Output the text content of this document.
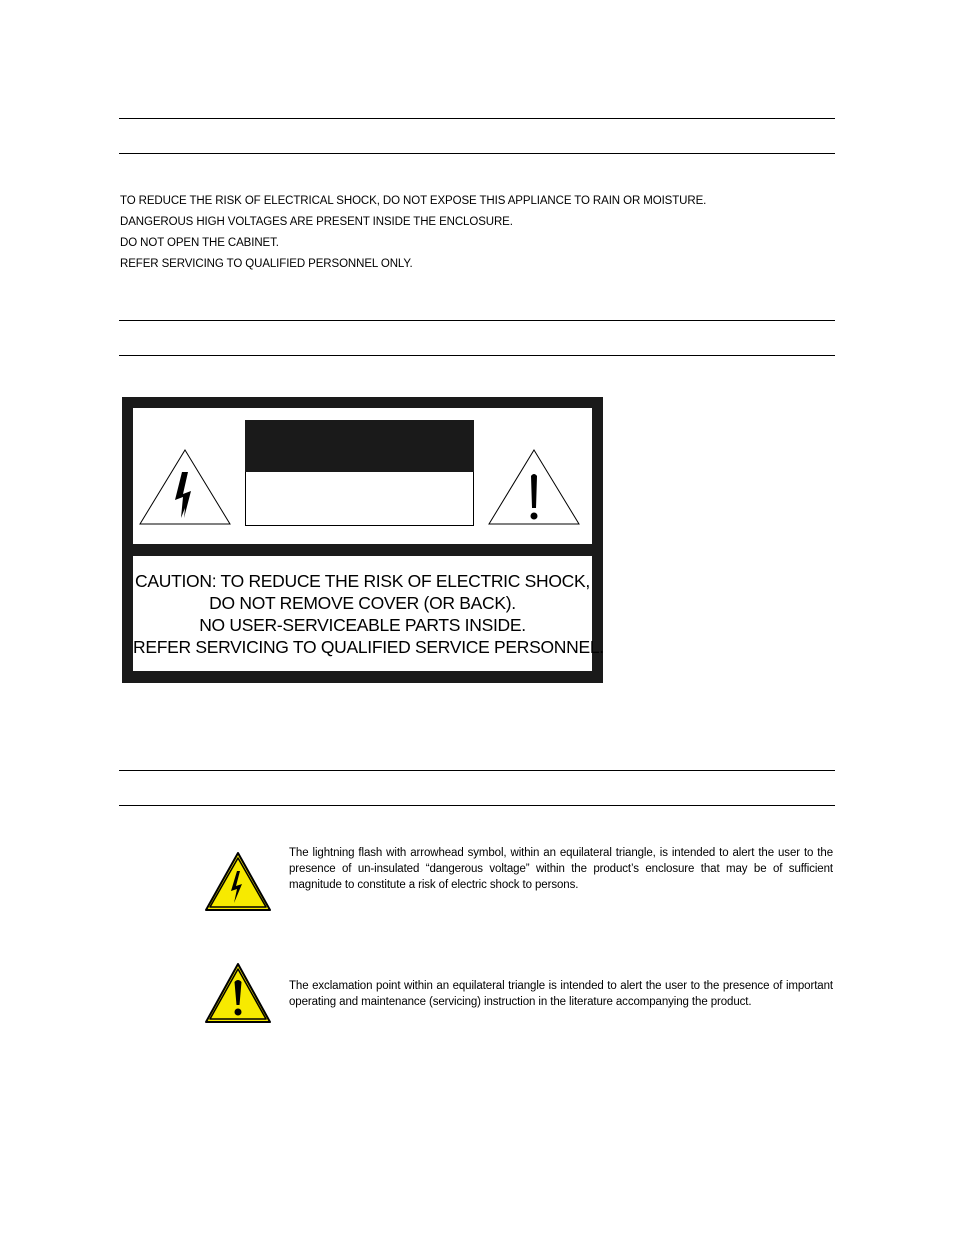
TO REDUCE THE RISK OF ELECTRICAL SHOCK, DO NOT EXPOSE THIS APPLIANCE TO RAIN OR MOISTURE.
DANGEROUS HIGH VOLTAGES ARE PRESENT INSIDE THE ENCLOSURE.
DO NOT OPEN THE CABINET.
REFER SERVICING TO QUALIFIED PERSONNEL ONLY.
CAUTION: TO REDUCE THE RISK OF ELECTRIC SHOCK,
DO NOT REMOVE COVER (OR BACK).
NO USER-SERVICEABLE PARTS INSIDE.
REFER SERVICING TO QUALIFIED SERVICE PERSONNEL.
The lightning flash with arrowhead symbol, within an equilateral triangle, is intended to alert the user to the presence of un-insulated “dangerous voltage” within the product’s enclosure that may be of sufficient magnitude to constitute a risk of electric shock to persons.
The exclamation point within an equilateral triangle is intended to alert the user to the presence of important operating and maintenance (servicing) instruction in the literature accompanying the product.
